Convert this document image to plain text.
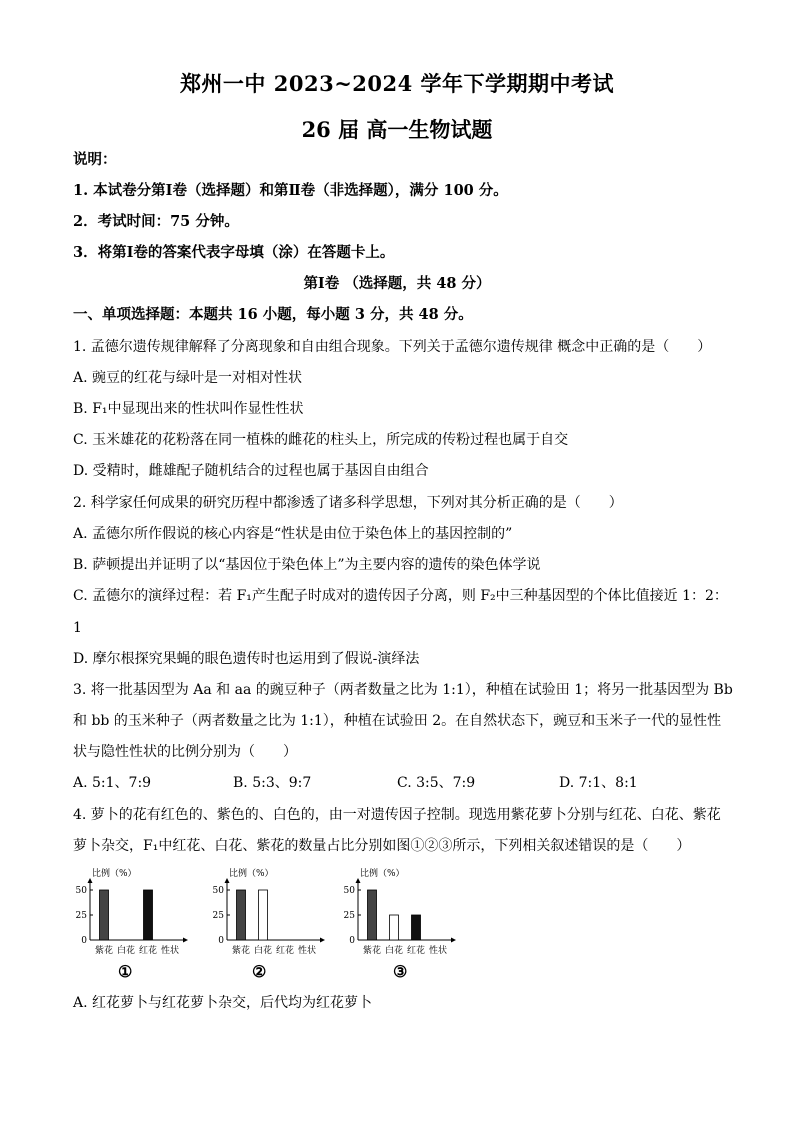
郑州一中 2023~2024 学年下学期期中考试
26 届 高一生物试题
说明：
1. 本试卷分第Ⅰ卷（选择题）和第Ⅱ卷（非选择题），满分 100 分。
2．考试时间：75 分钟。
3．将第Ⅰ卷的答案代表字母填（涂）在答题卡上。
第Ⅰ卷 （选择题，共 48 分）
一、单项选择题：本题共 16 小题，每小题 3 分，共 48 分。
1. 孟德尔遗传规律解释了分离现象和自由组合现象。下列关于孟德尔遗传规律 概念中正确的是（　　）
A. 豌豆的红花与绿叶是一对相对性状
B. F₁中显现出来的性状叫作显性性状
C. 玉米雄花的花粉落在同一植株的雌花的柱头上，所完成的传粉过程也属于自交
D. 受精时，雌雄配子随机结合的过程也属于基因自由组合
2. 科学家任何成果的研究历程中都渗透了诸多科学思想，下列对其分析正确的是（　　）
A. 孟德尔所作假说的核心内容是“性状是由位于染色体上的基因控制的”
B. 萨顿提出并证明了以“基因位于染色体上”为主要内容的遗传的染色体学说
C. 孟德尔的演绎过程：若 F₁产生配子时成对的遗传因子分离，则 F₂中三种基因型的个体比值接近 1：2：
1
D. 摩尔根探究果蝇的眼色遗传时也运用到了假说-演绎法
3. 将一批基因型为 Aa 和 aa 的豌豆种子（两者数量之比为 1:1），种植在试验田 1；将另一批基因型为 Bb
和 bb 的玉米种子（两者数量之比为 1:1），种植在试验田 2。在自然状态下，豌豆和玉米子一代的显性性
状与隐性性状的比例分别为（　　）
A. 5:1、7:9	B. 5:3、9:7	C. 3:5、7:9	D. 7:1、8:1
4. 萝卜的花有红色的、紫色的、白色的，由一对遗传因子控制。现选用紫花萝卜分别与红花、白花、紫花
萝卜杂交，F₁中红花、白花、紫花的数量占比分别如图①②③所示，下列相关叙述错误的是（　　）
比例（%）
0
25
50
紫花 白花 红花 性状
比例（%）
0
25
50
紫花 白花 红花 性状
比例（%）
0
25
50
紫花 白花 红花 性状
①	②	③
A. 红花萝卜与红花萝卜杂交，后代均为红花萝卜
